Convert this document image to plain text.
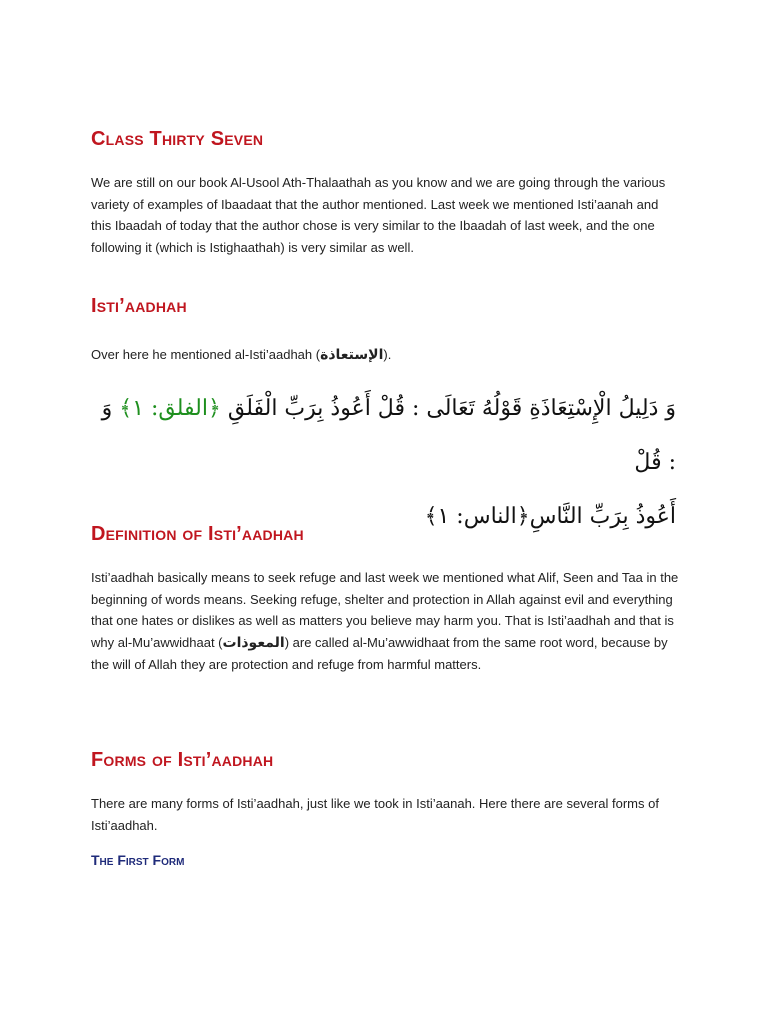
Class Thirty Seven

We are still on our book Al-Usool Ath-Thalaathah as you know and we are going through the various variety of examples of Ibaadaat that the author mentioned. Last week we mentioned Isti’aanah and this Ibaadah of today that the author chose is very similar to the Ibaadah of last week, and the one following it (which is Istighaathah) is very similar as well.

Isti’aadhah

Over here he mentioned al-Isti’aadhah (الإستعاذة).

وَ دَلِيلُ الْإِسْتِعَاذَةِ قَوْلُهُ تَعَالَى : قُلْ أَعُوذُ بِرَبِّ الْفَلَقِ ﴿الفلق: ١﴾ وَ : قُلْ
أَعُوذُ بِرَبِّ النَّاسِ﴿الناس: ١﴾
Definition of Isti’aadhah

Isti’aadhah basically means to seek refuge and last week we mentioned what Alif, Seen and Taa in the beginning of words means. Seeking refuge, shelter and protection in Allah against evil and everything that one hates or dislikes as well as matters you believe may harm you. That is Isti’aadhah and that is why al-Mu’awwidhaat (المعوذات) are called al-Mu’awwidhaat from the same root word, because by the will of Allah they are protection and refuge from harmful matters.

Forms of Isti’aadhah

There are many forms of Isti’aadhah, just like we took in Isti’aanah. Here there are several forms of Isti’aadhah.

The First Form
